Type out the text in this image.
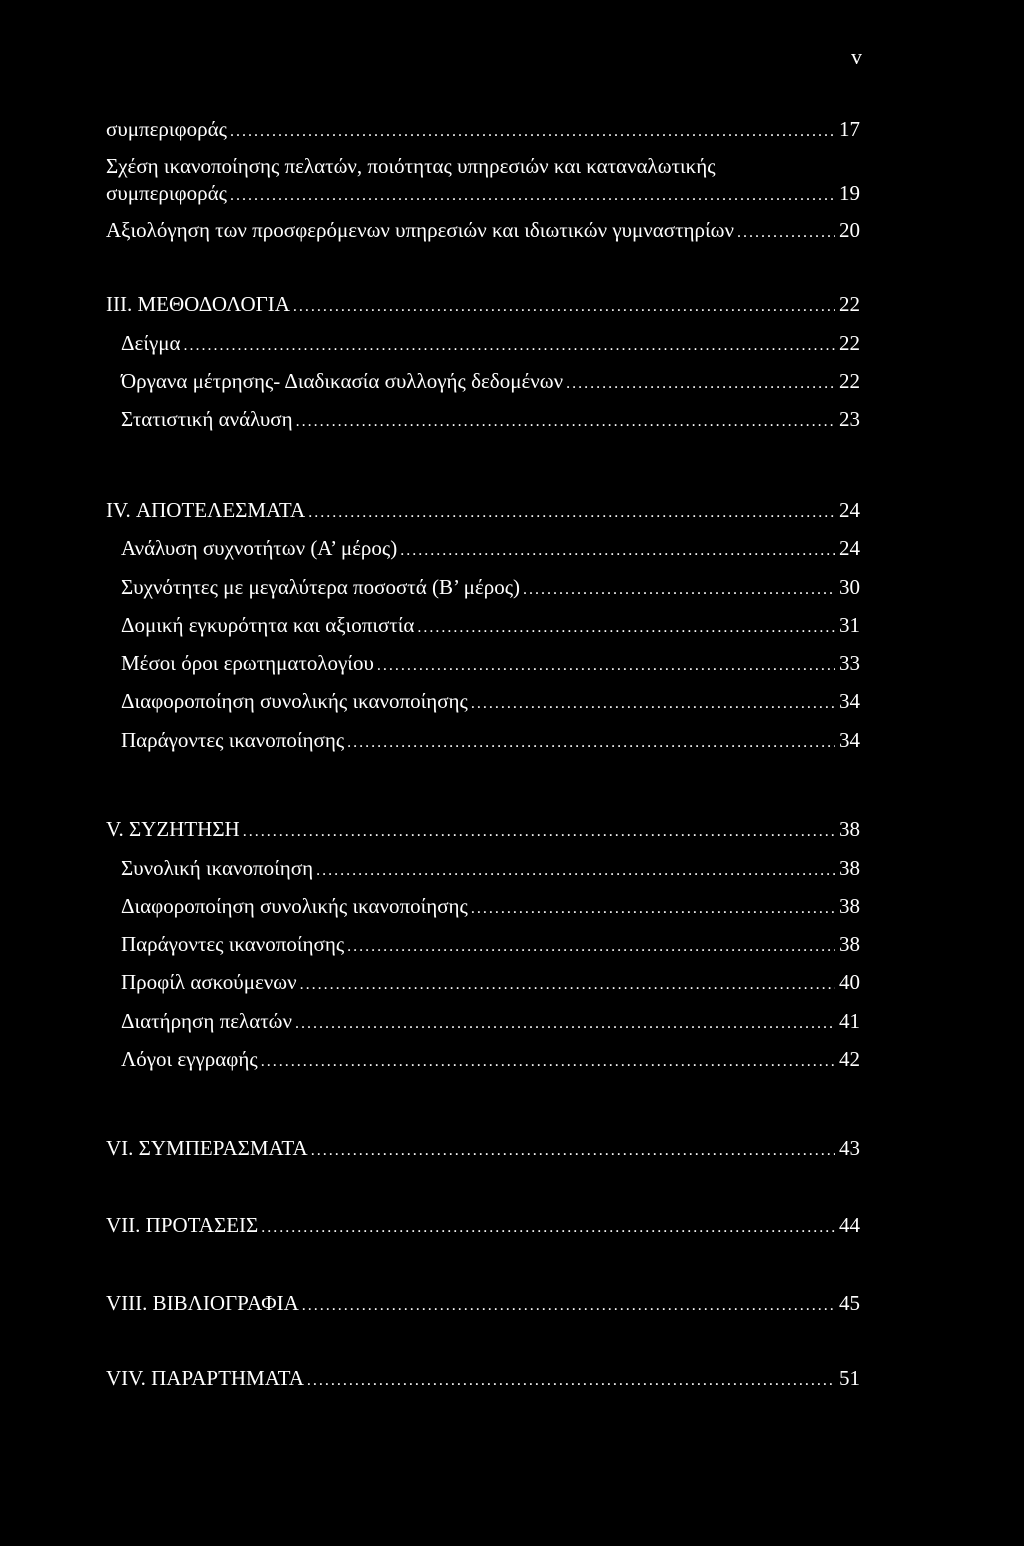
v
συμπεριφοράς .....	17
Σχέση ικανοποίησης πελατών, ποιότητας υπηρεσιών και καταναλωτικής
συμπεριφοράς .....	19
Αξιολόγηση των προσφερόμενων υπηρεσιών και ιδιωτικών γυμναστηρίων .....	20
III. ΜΕΘΟΔΟΛΟΓΙΑ .....	22
Δείγμα .....	22
Όργανα μέτρησης- Διαδικασία συλλογής δεδομένων .....	22
Στατιστική ανάλυση .....	23
IV. ΑΠΟΤΕΛΕΣΜΑΤΑ .....	24
Ανάλυση συχνοτήτων (Α’ μέρος) .....	24
Συχνότητες με μεγαλύτερα ποσοστά (Β’ μέρος) .....	30
Δομική εγκυρότητα και αξιοπιστία .....	31
Μέσοι όροι ερωτηματολογίου .....	33
Διαφοροποίηση συνολικής ικανοποίησης .....	34
Παράγοντες ικανοποίησης .....	34
V. ΣΥΖΗΤΗΣΗ .....	38
Συνολική ικανοποίηση .....	38
Διαφοροποίηση συνολικής ικανοποίησης .....	38
Παράγοντες ικανοποίησης .....	38
Προφίλ ασκούμενων .....	40
Διατήρηση πελατών .....	41
Λόγοι εγγραφής .....	42
VI. ΣΥΜΠΕΡΑΣΜΑΤΑ .....	43
VII. ΠΡΟΤΑΣΕΙΣ .....	44
VIII. ΒΙΒΛΙΟΓΡΑΦΙΑ .....	45
VIV. ΠΑΡΑΡΤΗΜΑΤΑ .....	51
